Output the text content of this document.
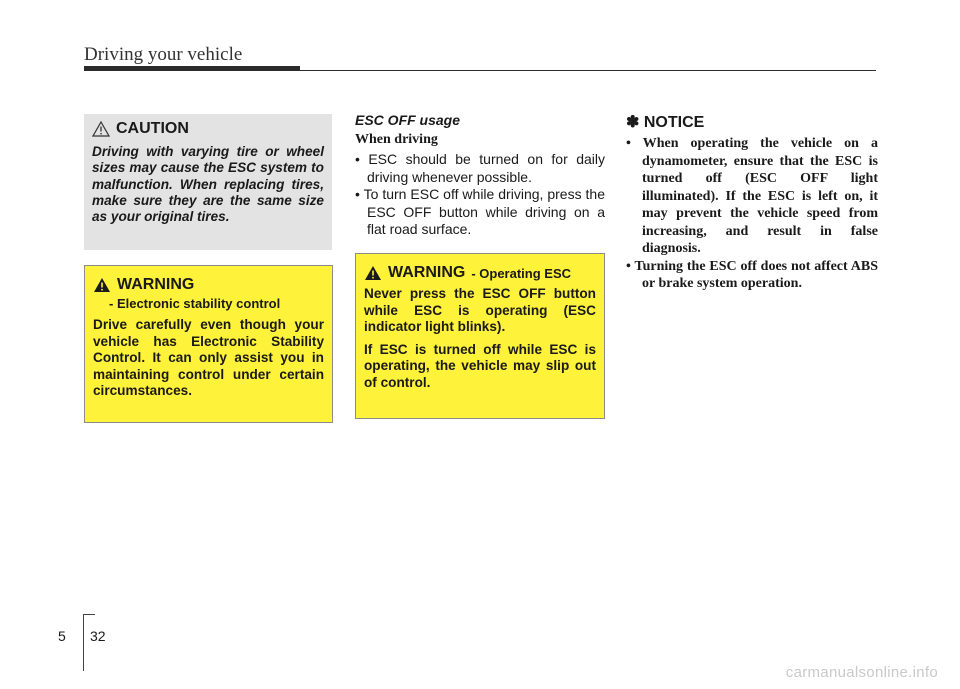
Driving your vehicle
CAUTION
Driving with varying tire or wheel sizes may cause the ESC system to malfunction. When replacing tires, make sure they are the same size as your original tires.
WARNING
- Electronic stability control
Drive carefully even though your vehicle has Electronic Stability Control. It can only assist you in maintaining control under certain circumstances.
ESC OFF usage
When driving
• ESC should be turned on for daily driving whenever possible.
• To turn ESC off while driving, press the ESC OFF button while driving on a flat road surface.
WARNING - Operating ESC

Never press the ESC OFF button while ESC is operating (ESC indicator light blinks).

If ESC is turned off while ESC is operating, the vehicle may slip out of control.

✽ NOTICE
• When operating the vehicle on a dynamometer, ensure that the ESC is turned off (ESC OFF light illuminated). If the ESC is left on, it may prevent the vehicle speed from increasing, and result in false diagnosis.
• Turning the ESC off does not affect ABS or brake system operation.
5 32
carmanualsonline.info
